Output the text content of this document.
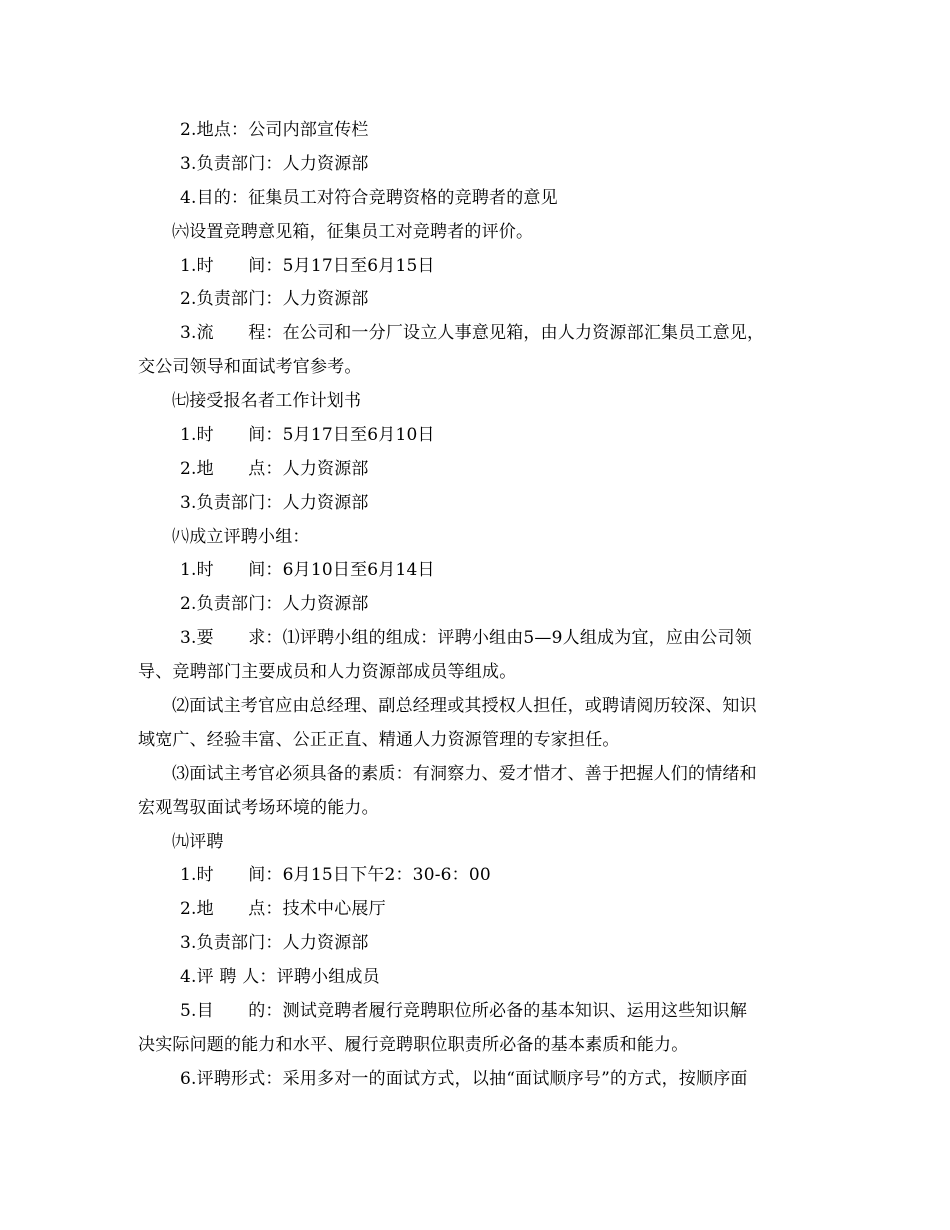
2.地点：公司内部宣传栏
3.负责部门：人力资源部
4.目的：征集员工对符合竞聘资格的竞聘者的意见
㈥设置竞聘意见箱，征集员工对竞聘者的评价。
1.时　　间：5月17日至6月15日
2.负责部门：人力资源部
3.流　　程：在公司和一分厂设立人事意见箱，由人力资源部汇集员工意见，
交公司领导和面试考官参考。
㈦接受报名者工作计划书
1.时　　间：5月17日至6月10日
2.地　　点：人力资源部
3.负责部门：人力资源部
㈧成立评聘小组：
1.时　　间：6月10日至6月14日
2.负责部门：人力资源部
3.要　　求：⑴评聘小组的组成：评聘小组由5—9人组成为宜，应由公司领
导、竞聘部门主要成员和人力资源部成员等组成。
⑵面试主考官应由总经理、副总经理或其授权人担任，或聘请阅历较深、知识
域宽广、经验丰富、公正正直、精通人力资源管理的专家担任。
⑶面试主考官必须具备的素质：有洞察力、爱才惜才、善于把握人们的情绪和
宏观驾驭面试考场环境的能力。
㈨评聘
1.时　　间：6月15日下午2：30-6：00
2.地　　点：技术中心展厅
3.负责部门：人力资源部
4.评 聘 人：评聘小组成员
5.目　　的：测试竞聘者履行竞聘职位所必备的基本知识、运用这些知识解
决实际问题的能力和水平、履行竞聘职位职责所必备的基本素质和能力。
6.评聘形式：采用多对一的面试方式，以抽“面试顺序号”的方式，按顺序面
